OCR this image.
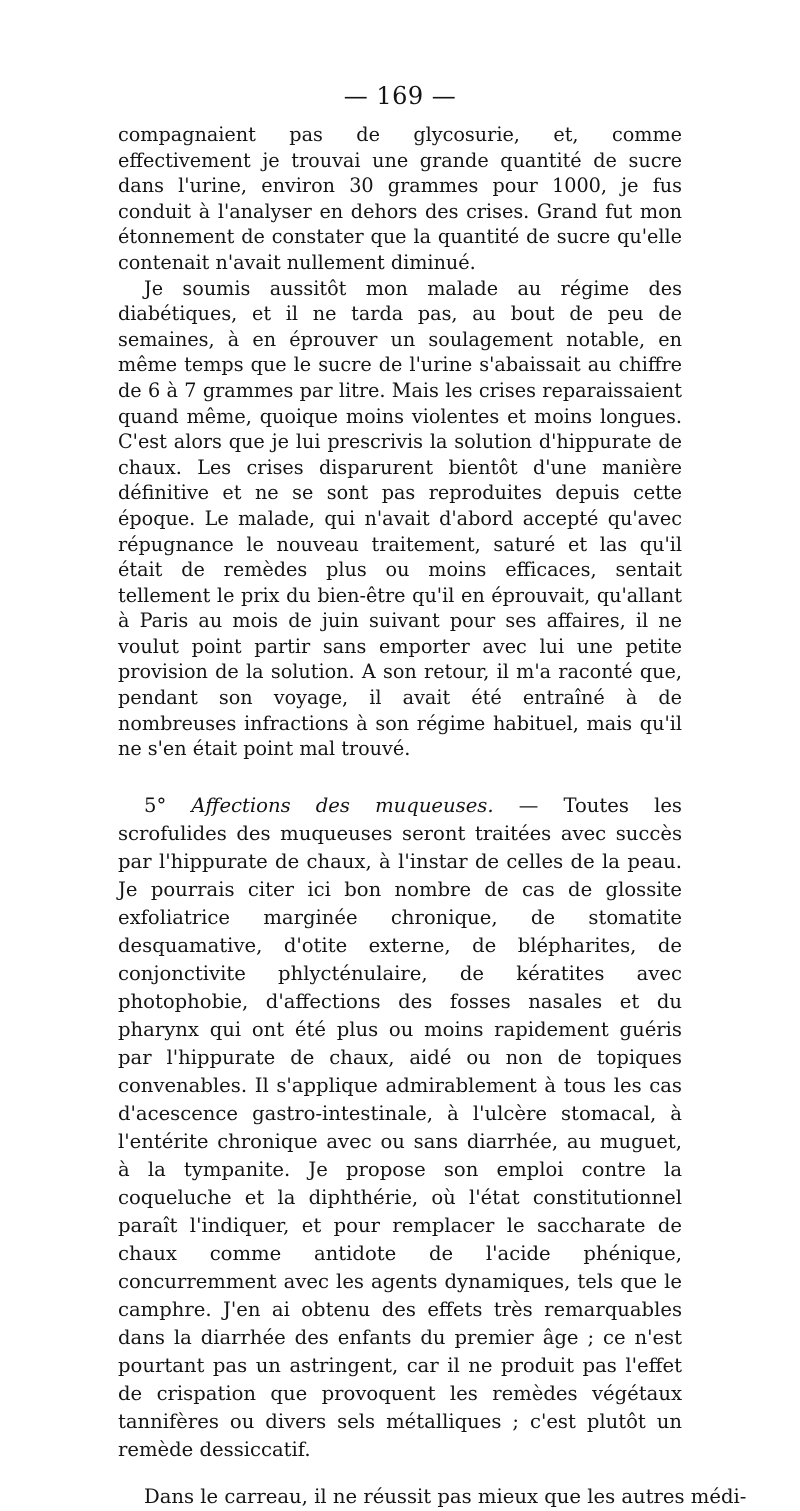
— 169 —

compagnaient pas de glycosurie, et, comme effectivement je trouvai une grande quantité de sucre dans l'urine, environ 30 grammes pour 1000, je fus conduit à l'analyser en dehors des crises. Grand fut mon étonnement de constater que la quantité de sucre qu'elle contenait n'avait nullement diminué.

Je soumis aussitôt mon malade au régime des diabétiques, et il ne tarda pas, au bout de peu de semaines, à en éprouver un soulagement notable, en même temps que le sucre de l'urine s'abaissait au chiffre de 6 à 7 grammes par litre. Mais les crises reparaissaient quand même, quoique moins violentes et moins longues. C'est alors que je lui prescrivis la solution d'hippurate de chaux. Les crises disparurent bientôt d'une manière définitive et ne se sont pas reproduites depuis cette époque. Le malade, qui n'avait d'abord accepté qu'avec répugnance le nouveau traitement, saturé et las qu'il était de remèdes plus ou moins efficaces, sentait tellement le prix du bien-être qu'il en éprouvait, qu'allant à Paris au mois de juin suivant pour ses affaires, il ne voulut point partir sans emporter avec lui une petite provision de la solution. A son retour, il m'a raconté que, pendant son voyage, il avait été entraîné à de nombreuses infractions à son régime habituel, mais qu'il ne s'en était point mal trouvé.

5° Affections des muqueuses. — Toutes les scrofulides des muqueuses seront traitées avec succès par l'hippurate de chaux, à l'instar de celles de la peau. Je pourrais citer ici bon nombre de cas de glossite exfoliatrice marginée chronique, de stomatite desquamative, d'otite externe, de blépharites, de conjonctivite phlycténulaire, de kératites avec photophobie, d'affections des fosses nasales et du pharynx qui ont été plus ou moins rapidement guéris par l'hippurate de chaux, aidé ou non de topiques convenables. Il s'applique admirablement à tous les cas d'acescence gastro-intestinale, à l'ulcère stomacal, à l'entérite chronique avec ou sans diarrhée, au muguet, à la tympanite. Je propose son emploi contre la coqueluche et la diphthérie, où l'état constitutionnel paraît l'indiquer, et pour remplacer le saccharate de chaux comme antidote de l'acide phénique, concurremment avec les agents dynamiques, tels que le camphre. J'en ai obtenu des effets très remarquables dans la diarrhée des enfants du premier âge ; ce n'est pourtant pas un astringent, car il ne produit pas l'effet de crispation que provoquent les remèdes végétaux tannifères ou divers sels métalliques ; c'est plutôt un remède dessiccatif.

Dans le carreau, il ne réussit pas mieux que les autres médi-
